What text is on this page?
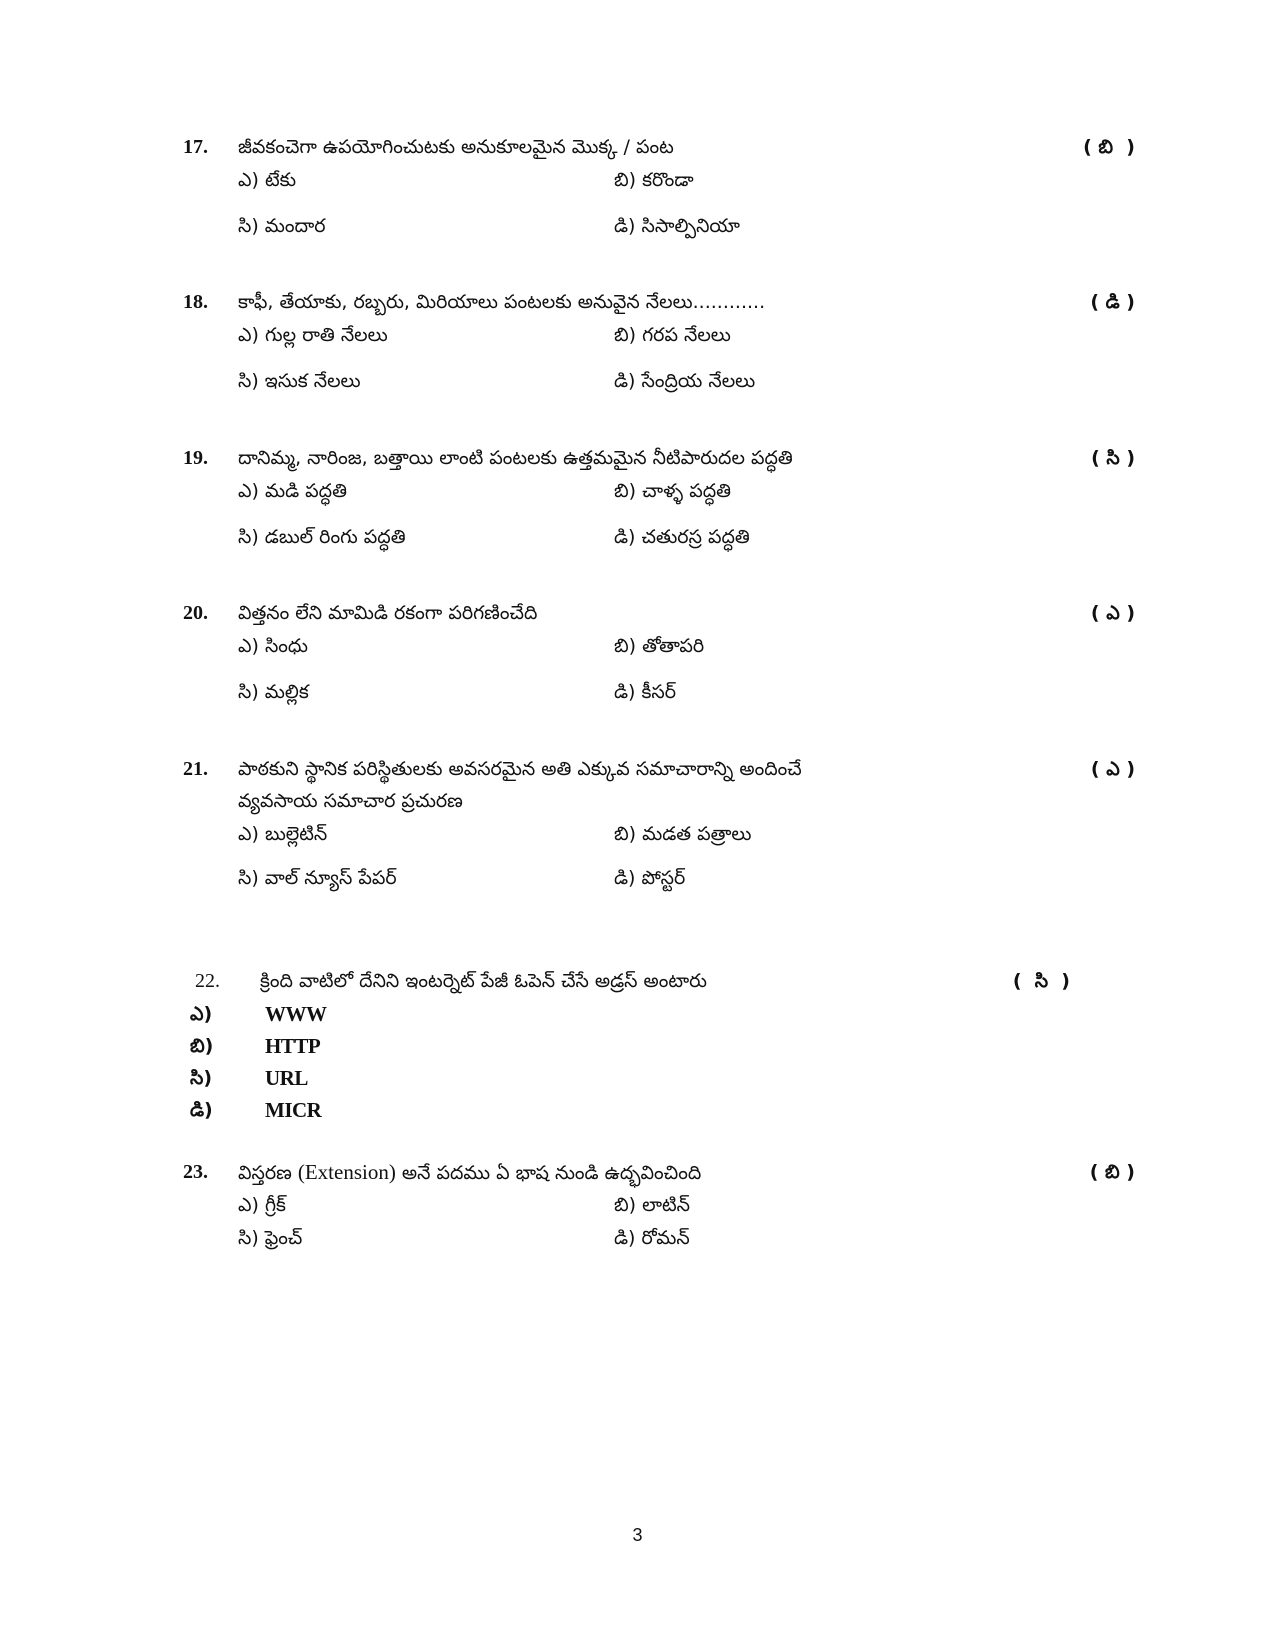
17. జీవకంచెగా ఉపయోగించుటకు అనుకూలమైన మొక్క / పంట	( బి  )
ఎ) టేకు	బి) కరొండా
సి) మందార	డి) సిసాల్పినియా
18. కాఫీ, తేయాకు, రబ్బరు, మిరియాలు పంటలకు అనువైన నేలలు............	( డి )
ఎ) గుల్ల రాతి నేలలు	బి) గరప నేలలు
సి) ఇసుక నేలలు	డి) సేంద్రియ నేలలు
19. దానిమ్మ, నారింజ, బత్తాయి లాంటి పంటలకు ఉత్తమమైన నీటిపారుదల పద్ధతి	( సి )
ఎ) మడి పద్ధతి	బి) చాళ్ళ పద్ధతి
సి) డబుల్ రింగు పద్ధతి	డి) చతురస్ర పద్ధతి
20. విత్తనం లేని మామిడి రకంగా పరిగణించేది	( ఎ )
ఎ) సింధు	బి) తోతాపరి
సి) మల్లిక	డి) కీసర్
21. పాఠకుని స్థానిక పరిస్థితులకు అవసరమైన అతి ఎక్కువ సమాచారాన్ని అందించే	( ఎ )
వ్యవసాయ సమాచార ప్రచురణ
ఎ) బుల్లెటిన్	బి) మడత పత్రాలు
సి) వాల్ న్యూస్ పేపర్	డి) పోస్టర్
22. క్రింది వాటిలో దేనిని ఇంటర్నెట్ పేజీ ఓపెన్ చేసే అడ్రస్ అంటారు	(  సి  )
ఎ)	WWW
బి) HTTP
సి)	URL
డి) MICR
23. విస్తరణ (Extension) అనే పదము ఏ భాష నుండి ఉద్భవించింది	( బి )
ఎ) గ్రీక్	బి) లాటిన్
సి) ఫ్రెంచ్	డి) రోమన్
3
